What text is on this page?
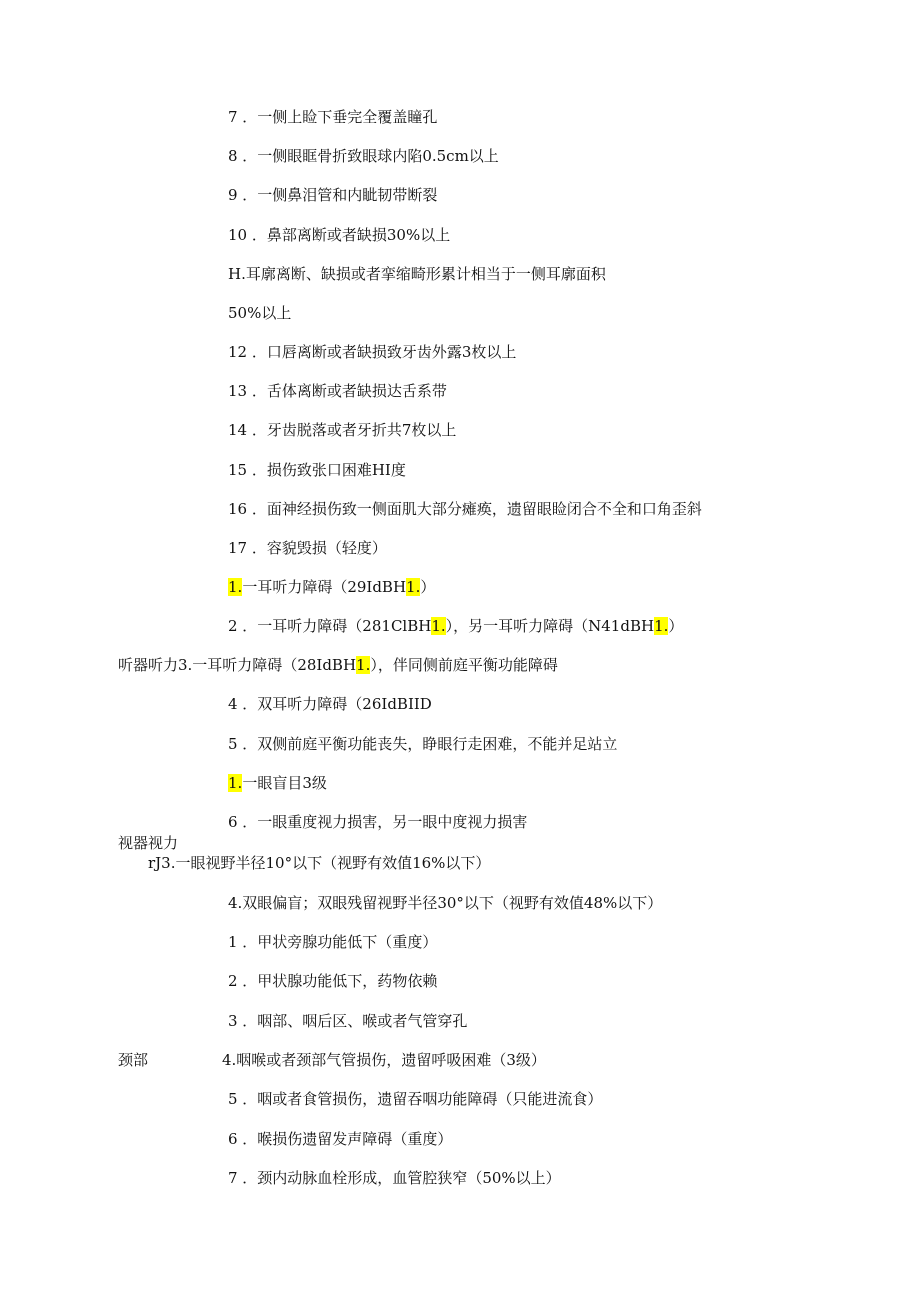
7 ．一侧上睑下垂完全覆盖瞳孔
8 ．一侧眼眶骨折致眼球内陷0.5cm以上
9 ．一侧鼻泪管和内眦韧带断裂
10 ．鼻部离断或者缺损30%以上
H.耳廓离断、缺损或者挛缩畸形累计相当于一侧耳廓面积
50%以上
12 ．口唇离断或者缺损致牙齿外露3枚以上
13 ．舌体离断或者缺损达舌系带
14 ．牙齿脱落或者牙折共7枚以上
15 ．损伤致张口困难HI度
16 ．面神经损伤致一侧面肌大部分瘫痪，遗留眼睑闭合不全和口角歪斜
17 ．容貌毁损（轻度）
1.一耳听力障碍（29IdBH1.）
2 ．一耳听力障碍（281ClBH1.），另一耳听力障碍（N41dBH1.）
听器听力3.一耳听力障碍（28IdBH1.），伴同侧前庭平衡功能障碍
4 ．双耳听力障碍（26IdBIID
5 ．双侧前庭平衡功能丧失，睁眼行走困难，不能并足站立
1.一眼盲目3级
6 ．一眼重度视力损害，另一眼中度视力损害
视器视力
rJ3.一眼视野半径10°以下（视野有效值16%以下）
4.双眼偏盲；双眼残留视野半径30°以下（视野有效值48%以下）
1 ．甲状旁腺功能低下（重度）
2 ．甲状腺功能低下，药物依赖
3 ．咽部、咽后区、喉或者气管穿孔
颈部	4.咽喉或者颈部气管损伤，遗留呼吸困难（3级）
5 ．咽或者食管损伤，遗留吞咽功能障碍（只能进流食）
6 ．喉损伤遗留发声障碍（重度）
7 ．颈内动脉血栓形成，血管腔狭窄（50%以上）
